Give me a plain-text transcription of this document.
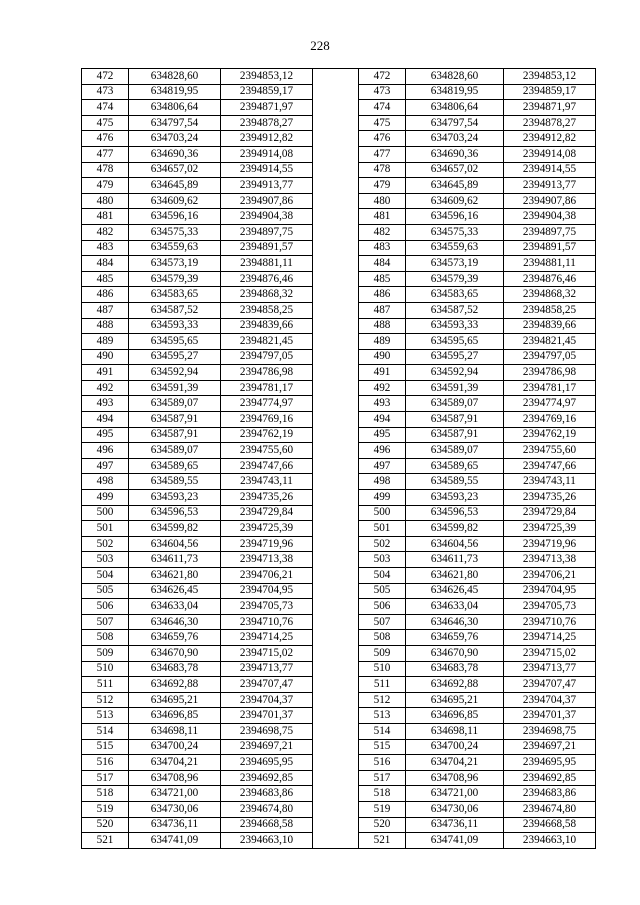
228
472	634828,60	2394853,12		472	634828,60	2394853,12
473	634819,95	2394859,17		473	634819,95	2394859,17
474	634806,64	2394871,97		474	634806,64	2394871,97
475	634797,54	2394878,27		475	634797,54	2394878,27
476	634703,24	2394912,82		476	634703,24	2394912,82
477	634690,36	2394914,08		477	634690,36	2394914,08
478	634657,02	2394914,55		478	634657,02	2394914,55
479	634645,89	2394913,77		479	634645,89	2394913,77
480	634609,62	2394907,86		480	634609,62	2394907,86
481	634596,16	2394904,38		481	634596,16	2394904,38
482	634575,33	2394897,75		482	634575,33	2394897,75
483	634559,63	2394891,57		483	634559,63	2394891,57
484	634573,19	2394881,11		484	634573,19	2394881,11
485	634579,39	2394876,46		485	634579,39	2394876,46
486	634583,65	2394868,32		486	634583,65	2394868,32
487	634587,52	2394858,25		487	634587,52	2394858,25
488	634593,33	2394839,66		488	634593,33	2394839,66
489	634595,65	2394821,45		489	634595,65	2394821,45
490	634595,27	2394797,05		490	634595,27	2394797,05
491	634592,94	2394786,98		491	634592,94	2394786,98
492	634591,39	2394781,17		492	634591,39	2394781,17
493	634589,07	2394774,97		493	634589,07	2394774,97
494	634587,91	2394769,16		494	634587,91	2394769,16
495	634587,91	2394762,19		495	634587,91	2394762,19
496	634589,07	2394755,60		496	634589,07	2394755,60
497	634589,65	2394747,66		497	634589,65	2394747,66
498	634589,55	2394743,11		498	634589,55	2394743,11
499	634593,23	2394735,26		499	634593,23	2394735,26
500	634596,53	2394729,84		500	634596,53	2394729,84
501	634599,82	2394725,39		501	634599,82	2394725,39
502	634604,56	2394719,96		502	634604,56	2394719,96
503	634611,73	2394713,38		503	634611,73	2394713,38
504	634621,80	2394706,21		504	634621,80	2394706,21
505	634626,45	2394704,95		505	634626,45	2394704,95
506	634633,04	2394705,73		506	634633,04	2394705,73
507	634646,30	2394710,76		507	634646,30	2394710,76
508	634659,76	2394714,25		508	634659,76	2394714,25
509	634670,90	2394715,02		509	634670,90	2394715,02
510	634683,78	2394713,77		510	634683,78	2394713,77
511	634692,88	2394707,47		511	634692,88	2394707,47
512	634695,21	2394704,37		512	634695,21	2394704,37
513	634696,85	2394701,37		513	634696,85	2394701,37
514	634698,11	2394698,75		514	634698,11	2394698,75
515	634700,24	2394697,21		515	634700,24	2394697,21
516	634704,21	2394695,95		516	634704,21	2394695,95
517	634708,96	2394692,85		517	634708,96	2394692,85
518	634721,00	2394683,86		518	634721,00	2394683,86
519	634730,06	2394674,80		519	634730,06	2394674,80
520	634736,11	2394668,58		520	634736,11	2394668,58
521	634741,09	2394663,10		521	634741,09	2394663,10
